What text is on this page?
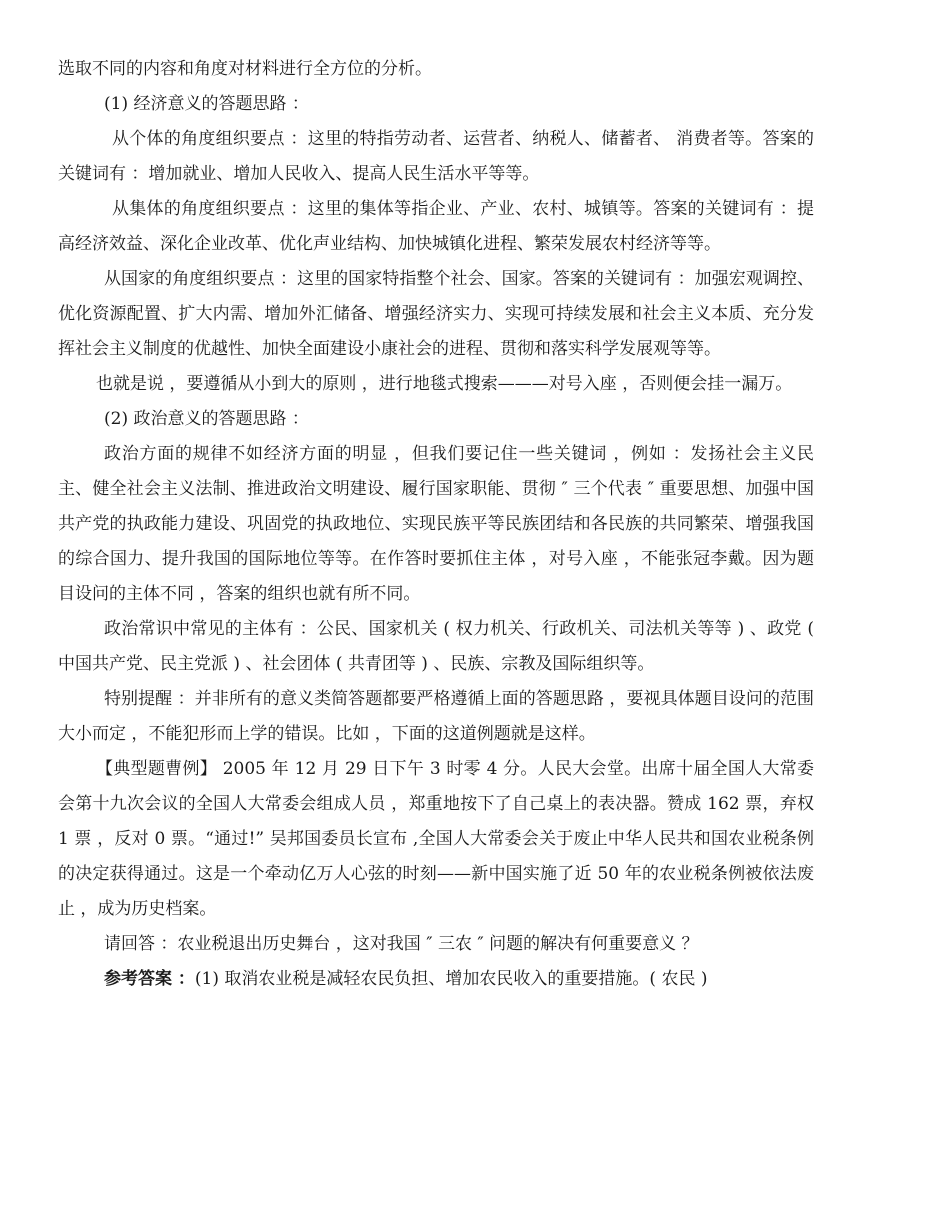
选取不同的内容和角度对材料进行全方位的分析。

(1) 经济意义的答题思路 ：

从个体的角度组织要点 ：这里的特指劳动者、运营者、纳税人、储蓄者、 消费者等。答案的关键词有 ：增加就业、增加人民收入、提高人民生活水平等等。

从集体的角度组织要点 ：这里的集体等指企业、产业、农村、城镇等。答案的关键词有 ：提高经济效益、深化企业改革、优化声业结构、加快城镇化进程、繁荣发展农村经济等等。

从国家的角度组织要点 ：这里的国家特指整个社会、国家。答案的关键词有 ：加强宏观调控、优化资源配置、扩大内需、增加外汇储备、增强经济实力、实现可持续发展和社会主义本质、充分发挥社会主义制度的优越性、加快全面建设小康社会的进程、贯彻和落实科学发展观等等。

也就是说 ，要遵循从小到大的原则 ，进行地毯式搜索———对号入座 ，否则便会挂一漏万。

(2) 政治意义的答题思路 ：

政治方面的规律不如经济方面的明显 ，但我们要记住一些关键词 ，例如 ：发扬社会主义民主、健全社会主义法制、推进政治文明建设、履行国家职能、贯彻 ″ 三个代表 ″ 重要思想、加强中国共产党的执政能力建设、巩固党的执政地位、实现民族平等民族团结和各民族的共同繁荣、增强我国的综合国力、提升我国的国际地位等等。在作答时要抓住主体 ，对号入座 ，不能张冠李戴。因为题目设问的主体不同 ，答案的组织也就有所不同。

政治常识中常见的主体有 ：公民、国家机关 ( 权力机关、行政机关、司法机关等等 ) 、政党 ( 中国共产党、民主党派 ) 、社会团体 ( 共青团等 ) 、民族、宗教及国际组织等。

特别提醒 ：并非所有的意义类简答题都要严格遵循上面的答题思路 ，要视具体题目设问的范围大小而定 ，不能犯形而上学的错误。比如 ，下面的这道例题就是这样。

【典型题曹例】 2005 年 12 月 29 日下午 3 时零 4 分。人民大会堂。出席十届全国人大常委会第十九次会议的全国人大常委会组成人员 ，郑重地按下了自己桌上的表决器。赞成 162 票，弃权 1 票 ，反对 0 票。“通过!” 吴邦国委员长宣布 ,全国人大常委会关于废止中华人民共和国农业税条例的决定获得通过。这是一个牵动亿万人心弦的时刻——新中国实施了近 50 年的农业税条例被依法废止 ，成为历史档案。

请回答 ：农业税退出历史舞台 ，这对我国 ″ 三农 ″ 问题的解决有何重要意义 ？

参考答案 ：(1) 取消农业税是减轻农民负担、增加农民收入的重要措施。( 农民 )
